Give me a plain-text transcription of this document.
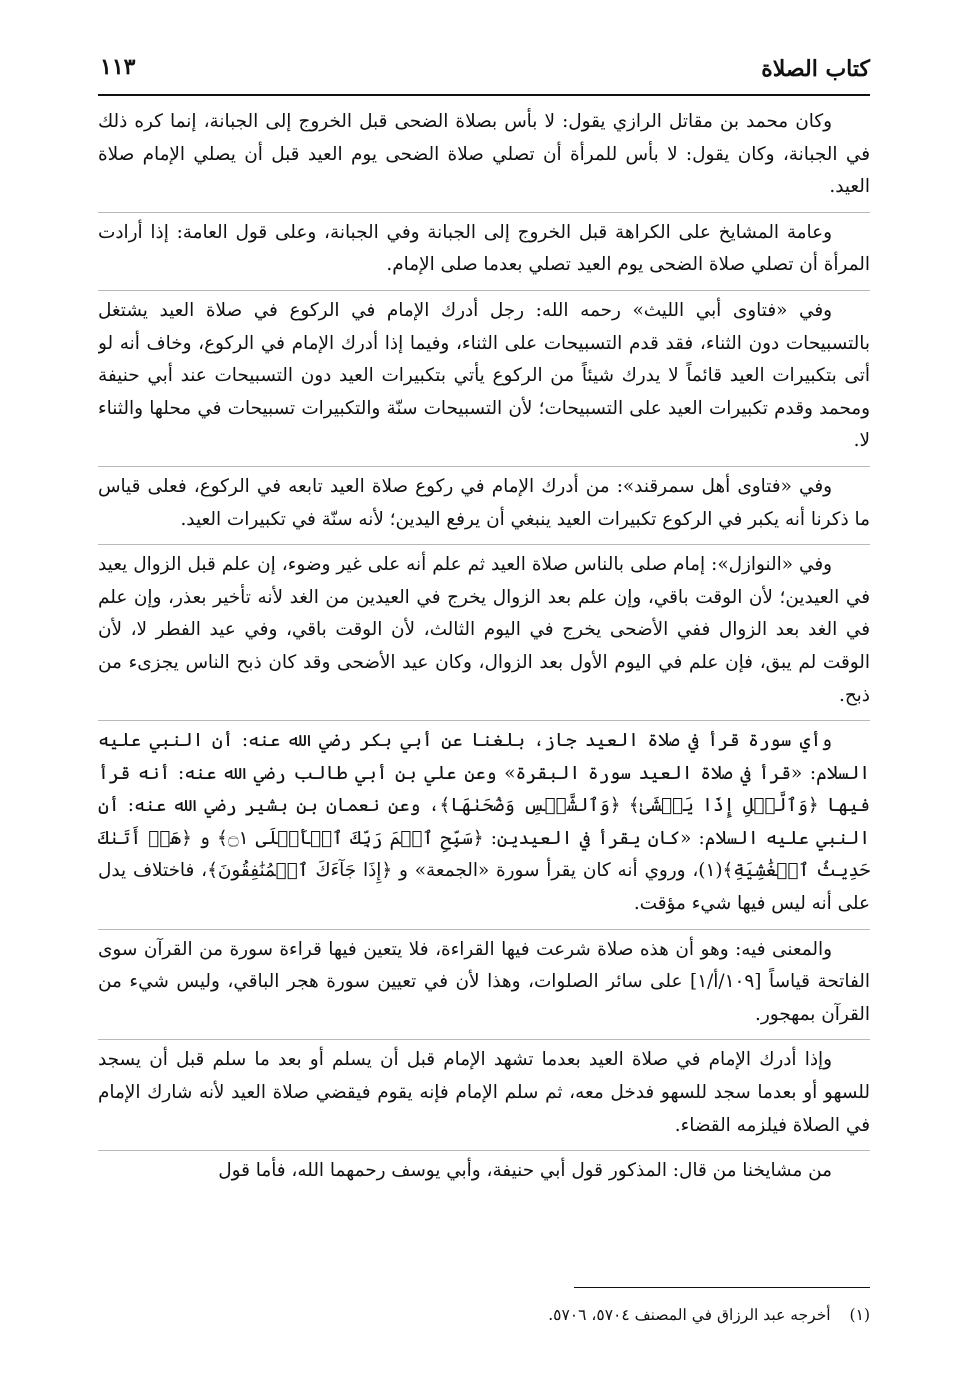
كتاب الصلاة
١١٣

وكان محمد بن مقاتل الرازي يقول: لا بأس بصلاة الضحى قبل الخروج إلى الجبانة، إنما كره ذلك في الجبانة، وكان يقول: لا بأس للمرأة أن تصلي صلاة الضحى يوم العيد قبل أن يصلي الإمام صلاة العيد.

وعامة المشايخ على الكراهة قبل الخروج إلى الجبانة وفي الجبانة، وعلى قول العامة: إذا أرادت المرأة أن تصلي صلاة الضحى يوم العيد تصلي بعدما صلى الإمام.

وفي «فتاوى أبي الليث» رحمه الله: رجل أدرك الإمام في الركوع في صلاة العيد يشتغل بالتسبيحات دون الثناء، فقد قدم التسبيحات على الثناء، وفيما إذا أدرك الإمام في الركوع، وخاف أنه لو أتى بتكبيرات العيد قائماً لا يدرك شيئاً من الركوع يأتي بتكبيرات العيد دون التسبيحات عند أبي حنيفة ومحمد وقدم تكبيرات العيد على التسبيحات؛ لأن التسبيحات سنّة والتكبيرات تسبيحات في محلها والثناء لا.

وفي «فتاوى أهل سمرقند»: من أدرك الإمام في ركوع صلاة العيد تابعه في الركوع، فعلى قياس ما ذكرنا أنه يكبر في الركوع تكبيرات العيد ينبغي أن يرفع اليدين؛ لأنه سنّة في تكبيرات العيد.

وفي «النوازل»: إمام صلى بالناس صلاة العيد ثم علم أنه على غير وضوء، إن علم قبل الزوال يعيد في العيدين؛ لأن الوقت باقي، وإن علم بعد الزوال يخرج في العيدين من الغد لأنه تأخير بعذر، وإن علم في الغد بعد الزوال ففي الأضحى يخرج في اليوم الثالث، لأن الوقت باقي، وفي عيد الفطر لا، لأن الوقت لم يبق، فإن علم في اليوم الأول بعد الزوال، وكان عيد الأضحى وقد كان ذبح الناس يجزىء من ذبح.

وأي سورة قرأ في صلاة العيد جاز، بلغنا عن أبي بكر رضي الله عنه: أن النبي عليه السلام: «قرأ في صلاة العيد سورة البقرة» وعن علي بن أبي طالب رضي الله عنه: أنه قرأ فيها ﴿وَٱلَّيۡلِ إِذَا يَغۡشَىٰ﴾ ﴿وَٱلشَّمۡسِ وَضُحَىٰهَا﴾، وعن نعمان بن بشير رضي الله عنه: أن النبي عليه السلام: «كان يقرأ في العيدين: ﴿سَبِّحِ ٱسۡمَ رَبِّكَ ٱلۡأَعۡلَى ۝١﴾ و ﴿هَلۡ أَتَىٰكَ حَدِيثُ ٱلۡغَٰشِيَةِ﴾(١)، وروي أنه كان يقرأ سورة «الجمعة» و ﴿إِذَا جَآءَكَ ٱلۡمُنَٰفِقُونَ﴾، فاختلاف يدل على أنه ليس فيها شيء مؤقت.

والمعنى فيه: وهو أن هذه صلاة شرعت فيها القراءة، فلا يتعين فيها قراءة سورة من القرآن سوى الفاتحة قياساً [١٠٩/أ/١] على سائر الصلوات، وهذا لأن في تعيين سورة هجر الباقي، وليس شيء من القرآن بمهجور.

وإذا أدرك الإمام في صلاة العيد بعدما تشهد الإمام قبل أن يسلم أو بعد ما سلم قبل أن يسجد للسهو أو بعدما سجد للسهو فدخل معه، ثم سلم الإمام فإنه يقوم فيقضي صلاة العيد لأنه شارك الإمام في الصلاة فيلزمه القضاء.

من مشايخنا من قال: المذكور قول أبي حنيفة، وأبي يوسف رحمهما الله، فأما قول

(١) أخرجه عبد الرزاق في المصنف ٥٧٠٤، ٥٧٠٦.
